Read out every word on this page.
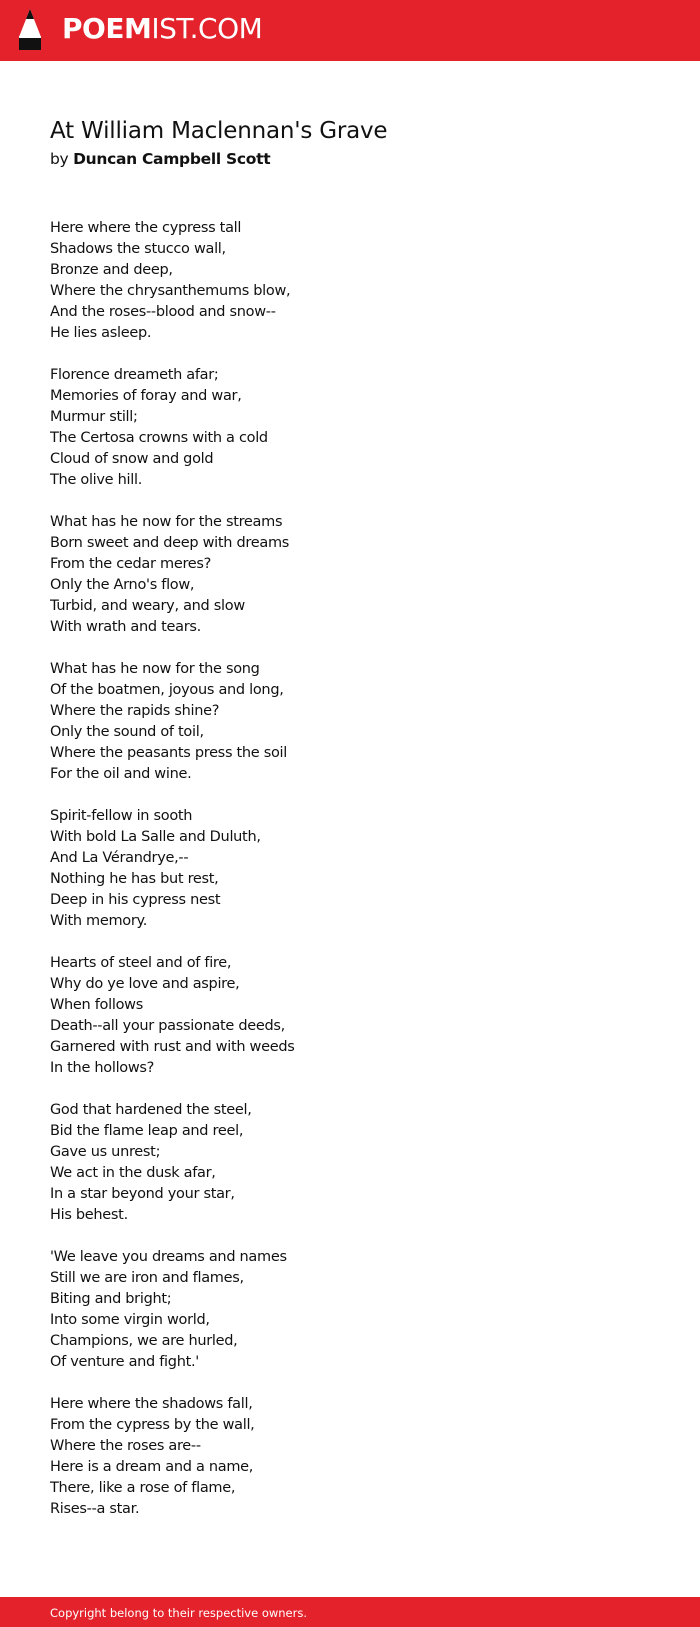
POEMIST.COM
At William Maclennan's Grave
by Duncan Campbell Scott
Here where the cypress tall
Shadows the stucco wall,
Bronze and deep,
Where the chrysanthemums blow,
And the roses--blood and snow--
He lies asleep.
Florence dreameth afar;
Memories of foray and war,
Murmur still;
The Certosa crowns with a cold
Cloud of snow and gold
The olive hill.
What has he now for the streams
Born sweet and deep with dreams
From the cedar meres?
Only the Arno's flow,
Turbid, and weary, and slow
With wrath and tears.
What has he now for the song
Of the boatmen, joyous and long,
Where the rapids shine?
Only the sound of toil,
Where the peasants press the soil
For the oil and wine.
Spirit-fellow in sooth
With bold La Salle and Duluth,
And La Vérandrye,--
Nothing he has but rest,
Deep in his cypress nest
With memory.
Hearts of steel and of fire,
Why do ye love and aspire,
When follows
Death--all your passionate deeds,
Garnered with rust and with weeds
In the hollows?
God that hardened the steel,
Bid the flame leap and reel,
Gave us unrest;
We act in the dusk afar,
In a star beyond your star,
His behest.
'We leave you dreams and names
Still we are iron and flames,
Biting and bright;
Into some virgin world,
Champions, we are hurled,
Of venture and fight.'
Here where the shadows fall,
From the cypress by the wall,
Where the roses are--
Here is a dream and a name,
There, like a rose of flame,
Rises--a star.
Copyright belong to their respective owners.
